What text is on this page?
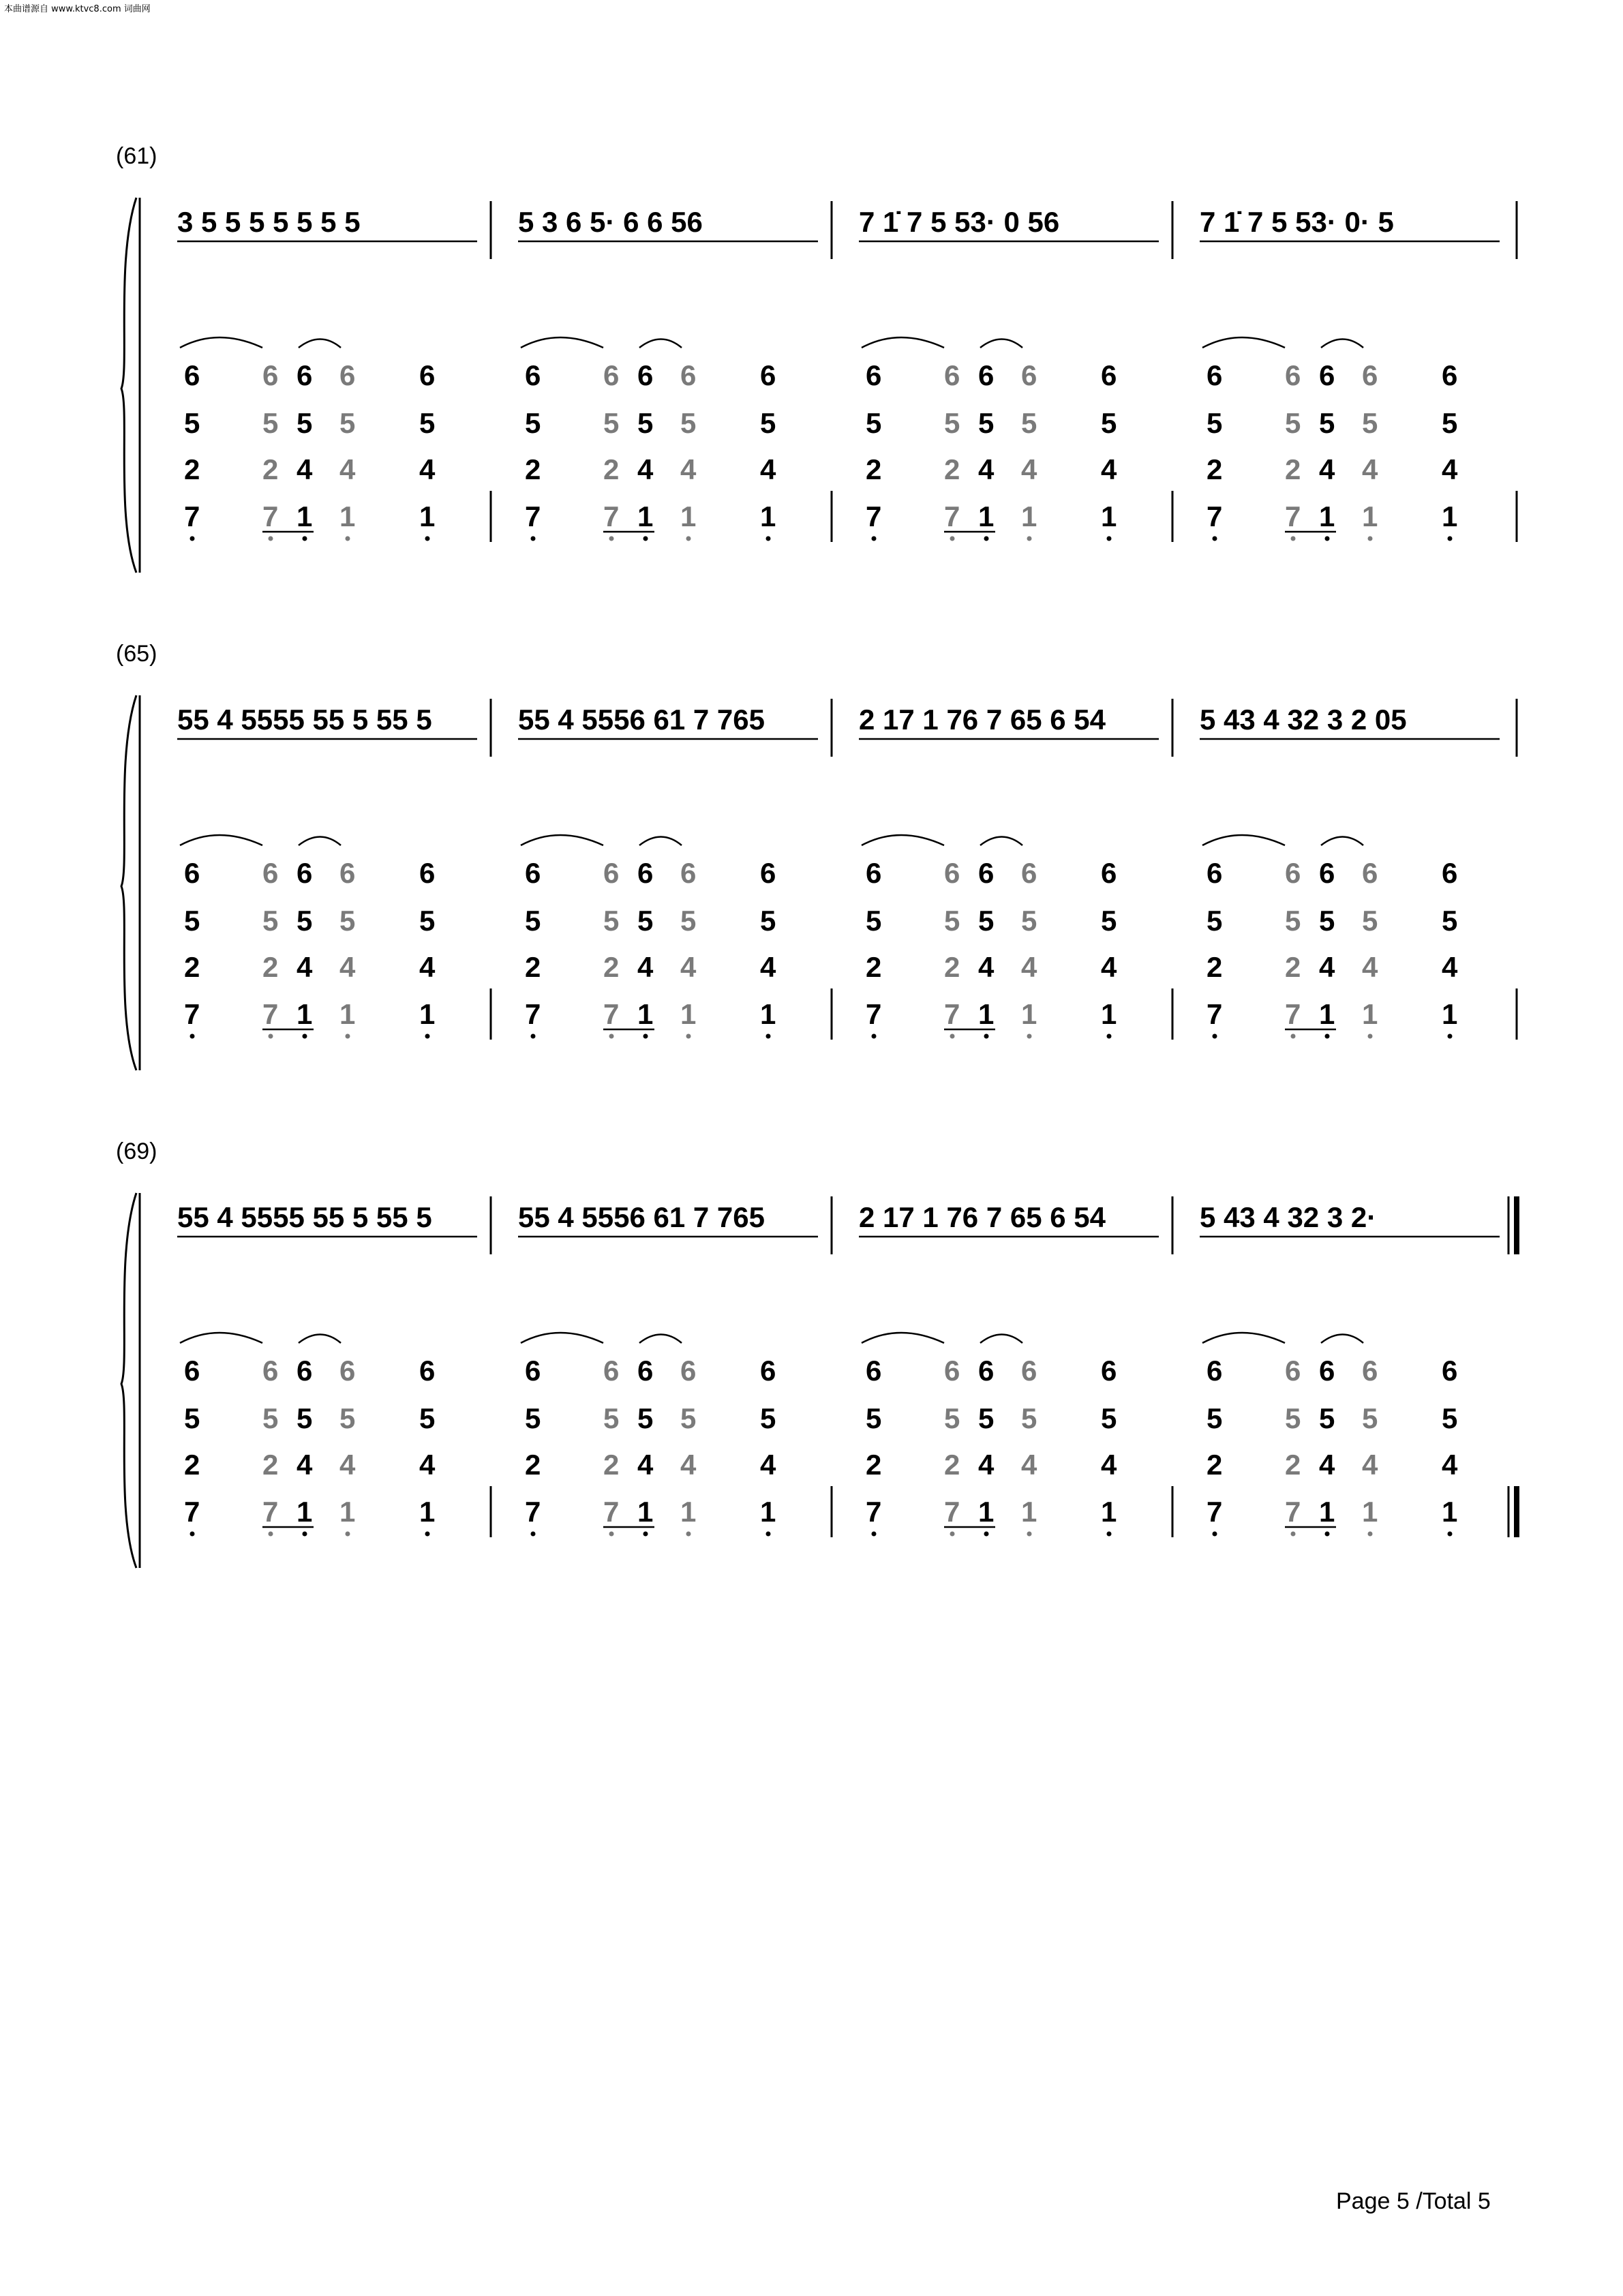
本曲谱源自 www.ktvc8.com 词曲网
(61)
3 5 5 5 5 5 5 5	5 3 6 5· 6 6 56	7 1̇ 7 5 53· 0 56	7 1̇ 7 5 53· 0· 5
6
5
2
7
6
5
2
7
6
5
4
1
6
5
4
1
6
5
4
1
6
5
2
7
6
5
2
7
6
5
4
1
6
5
4
1
6
5
4
1
6
5
2
7
6
5
2
7
6
5
4
1
6
5
4
1
6
5
4
1
6
5
2
7
6
5
2
7
6
5
4
1
6
5
4
1
6
5
4
1
(65)
55 4 5555 55 5 55 5	55 4 5556 61 7 765	2 17 1 76 7 65 6 54	5 43 4 32 3 2 05
6
5
2
7
6
5
2
7
6
5
4
1
6
5
4
1
6
5
4
1
6
5
2
7
6
5
2
7
6
5
4
1
6
5
4
1
6
5
4
1
6
5
2
7
6
5
2
7
6
5
4
1
6
5
4
1
6
5
4
1
6
5
2
7
6
5
2
7
6
5
4
1
6
5
4
1
6
5
4
1
(69)
55 4 5555 55 5 55 5	55 4 5556 61 7 765	2 17 1 76 7 65 6 54	5 43 4 32 3 2·
6
5
2
7
6
5
2
7
6
5
4
1
6
5
4
1
6
5
4
1
6
5
2
7
6
5
2
7
6
5
4
1
6
5
4
1
6
5
4
1
6
5
2
7
6
5
2
7
6
5
4
1
6
5
4
1
6
5
4
1
6
5
2
7
6
5
2
7
6
5
4
1
6
5
4
1
6
5
4
1
Page 5 /Total 5
